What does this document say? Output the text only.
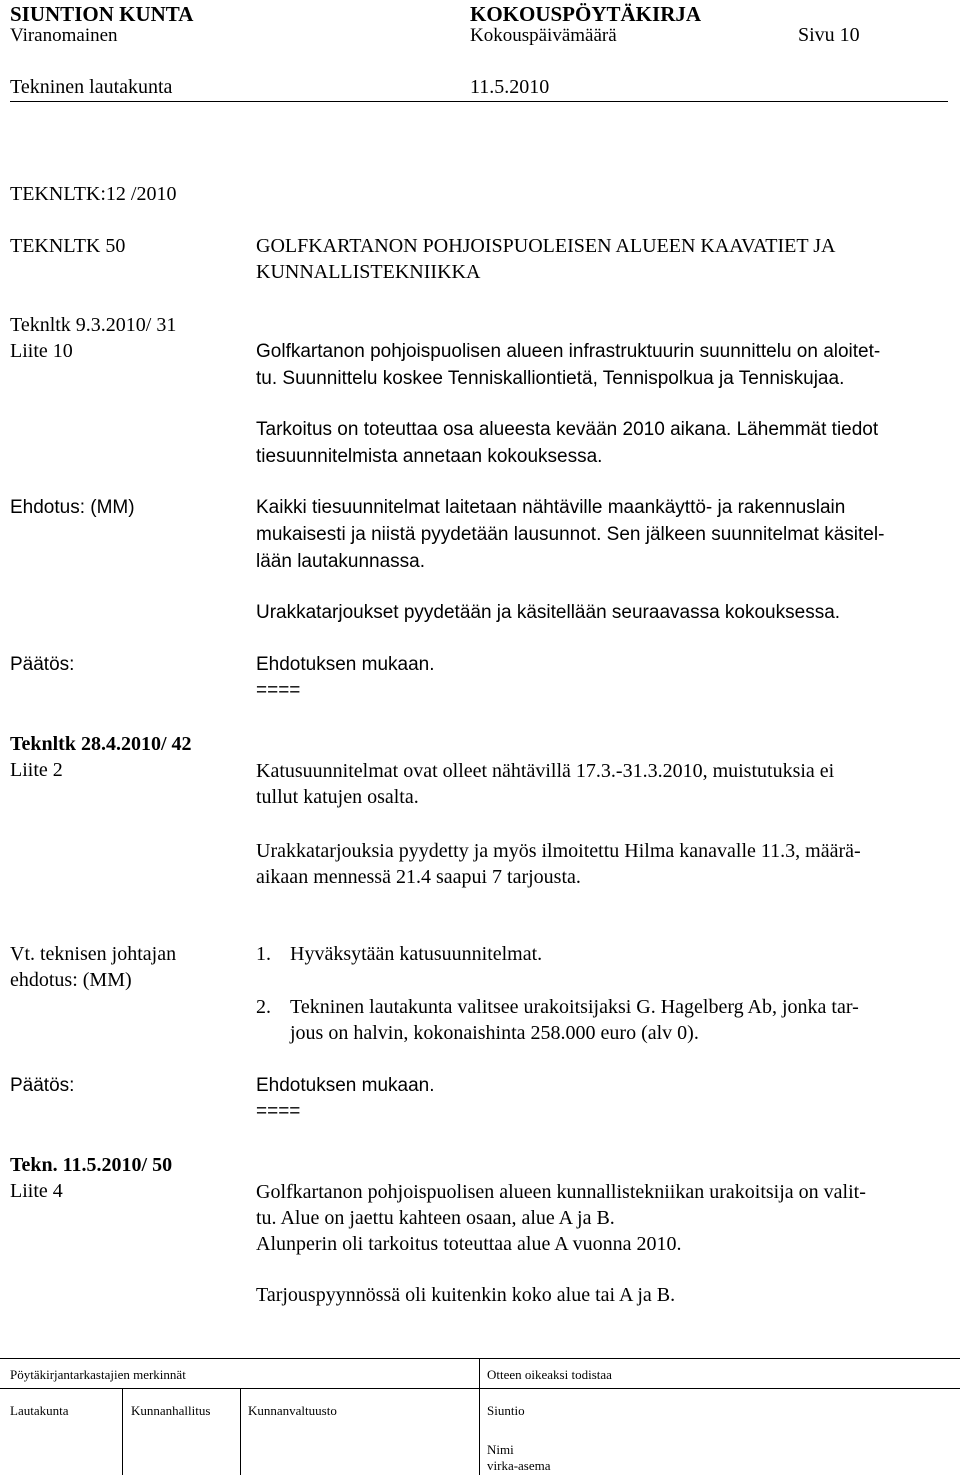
SIUNTION KUNTA	KOKOUSPÖYTÄKIRJA
Viranomainen	Kokouspäivämäärä	Sivu 10
Tekninen lautakunta	11.5.2010
TEKNLTK:12 /2010
TEKNLTK 50
Teknltk 9.3.2010/ 31
Liite 10
GOLFKARTANON POHJOISPUOLEISEN ALUEEN KAAVATIET JA
KUNNALLISTEKNIIKKA
Golfkartanon pohjoispuolisen alueen infrastruktuurin suunnittelu on aloitet-
tu. Suunnittelu koskee Tenniskalliontietä, Tennispolkua ja Tenniskujaa.
Tarkoitus on toteuttaa osa alueesta kevään 2010 aikana. Lähemmät tiedot
tiesuunnitelmista annetaan kokouksessa.
Ehdotus: (MM)	Kaikki tiesuunnitelmat laitetaan nähtäville maankäyttö- ja rakennuslain
mukaisesti ja niistä pyydetään lausunnot. Sen jälkeen suunnitelmat käsitel-
lään lautakunnassa.
Urakkatarjoukset pyydetään ja käsitellään seuraavassa kokouksessa.
Päätös:	Ehdotuksen mukaan.
====
Teknltk 28.4.2010/ 42
Liite 2	Katusuunnitelmat ovat olleet nähtävillä 17.3.-31.3.2010, muistutuksia ei
tullut katujen osalta.
Urakkatarjouksia pyydetty ja myös ilmoitettu Hilma kanavalle 11.3, määrä-
aikaan mennessä 21.4 saapui 7 tarjousta.
Vt. teknisen johtajan
ehdotus: (MM)
1. Hyväksytään katusuunnitelmat.
2. Tekninen lautakunta valitsee urakoitsijaksi G. Hagelberg Ab, jonka tar-
jous on halvin, kokonaishinta 258.000 euro (alv 0).
Päätös:	Ehdotuksen mukaan.
====
Tekn. 11.5.2010/ 50
Liite 4	Golfkartanon pohjoispuolisen alueen kunnallistekniikan urakoitsija on valit-
tu. Alue on jaettu kahteen osaan, alue A ja B.
Alunperin oli tarkoitus toteuttaa alue A vuonna 2010.
Tarjouspyynnössä oli kuitenkin koko alue tai A ja B.
Pöytäkirjantarkastajien merkinnät	Otteen oikeaksi todistaa
Lautakunta	Kunnanhallitus	Kunnanvaltuusto	Siuntio
Nimi
virka-asema
